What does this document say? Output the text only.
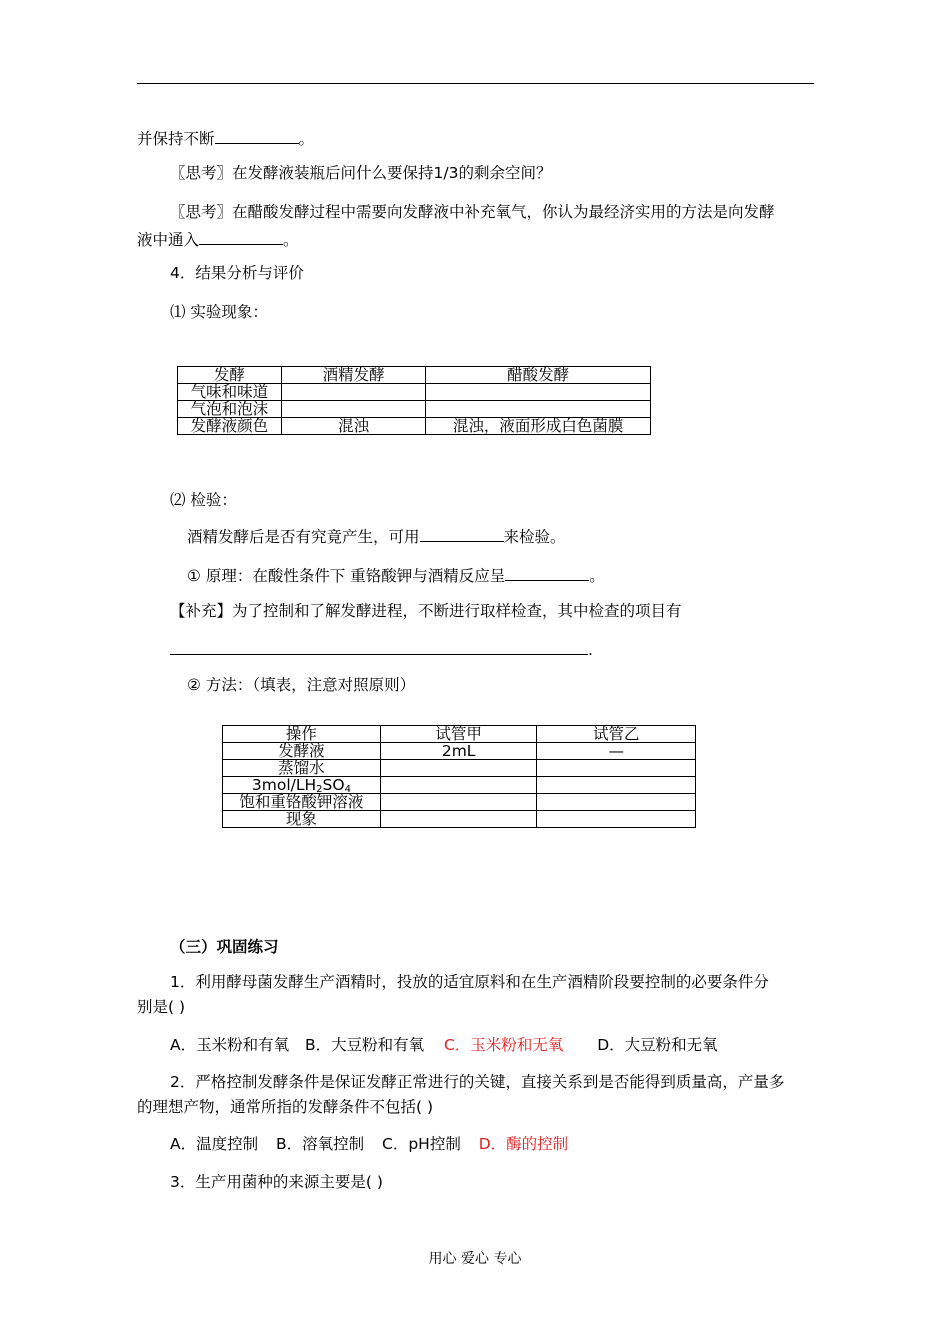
并保持不断	。
〖思考〗在发酵液装瓶后问什么要保持1/3的剩余空间？
〖思考〗在醋酸发酵过程中需要向发酵液中补充氧气，你认为最经济实用的方法是向发酵
液中通入	。
4．结果分析与评价
⑴ 实验现象：
发酵	酒精发酵	醋酸发酵
气味和味道		
气泡和泡沫		
发酵液颜色	混浊	混浊，液面形成白色菌膜
⑵ 检验：
酒精发酵后是否有究竟产生，可用	来检验。
① 原理：在酸性条件下 重铬酸钾与酒精反应呈	。
【补充】为了控制和了解发酵进程，不断进行取样检查，其中检查的项目有
.
② 方法：（填表，注意对照原则）
操作	试管甲	试管乙
发酵液	2mL	—
蒸馏水		
$3mol/LH_2SO_4$		
饱和重铬酸钾溶液		
现象		
（三）巩固练习
1．利用酵母菌发酵生产酒精时，投放的适宜原料和在生产酒精阶段要控制的必要条件分
别是( )
A．玉米粉和有氧 B．大豆粉和有氧 C．玉米粉和无氧 D．大豆粉和无氧
2．严格控制发酵条件是保证发酵正常进行的关键，直接关系到是否能得到质量高，产量多
的理想产物，通常所指的发酵条件不包括( )
A．温度控制 B．溶氧控制 C．pH控制 D．酶的控制
3．生产用菌种的来源主要是( )
用心 爱心 专心
